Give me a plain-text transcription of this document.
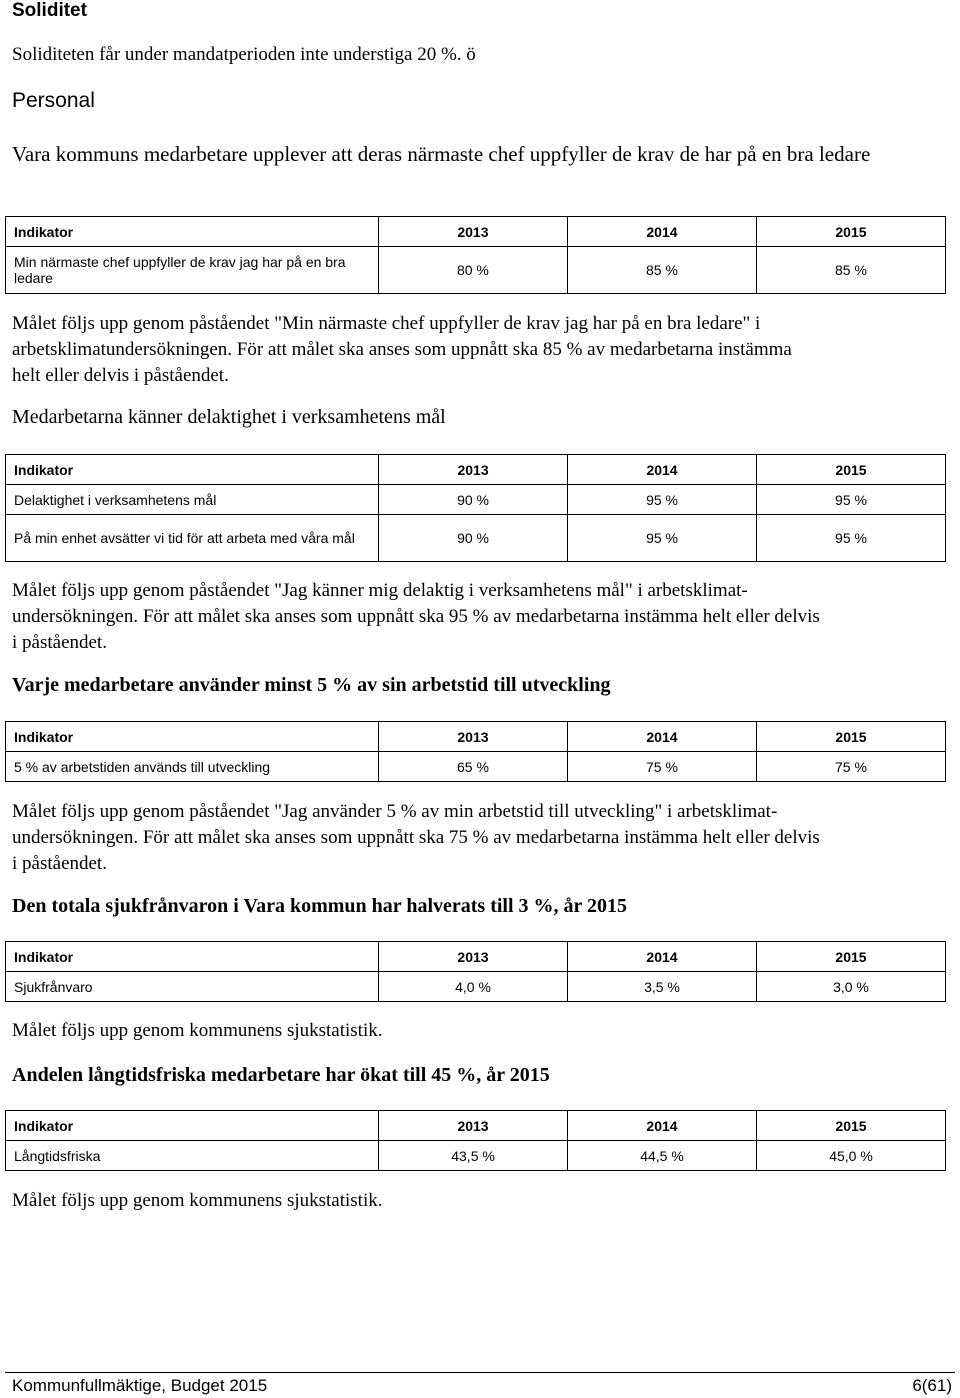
Soliditet
Soliditeten får under mandatperioden inte understiga 20 %. ö
Personal
Vara kommuns medarbetare upplever att deras närmaste chef uppfyller de krav de har på en bra ledare
Indikator	2013	2014	2015
Min närmaste chef uppfyller de krav jag har på en bra ledare	80 %	85 %	85 %
Målet följs upp genom påståendet "Min närmaste chef uppfyller de krav jag har på en bra ledare" i
arbetsklimatundersökningen. För att målet ska anses som uppnått ska 85 % av medarbetarna instämma
helt eller delvis i påståendet.
Medarbetarna känner delaktighet i verksamhetens mål
Indikator	2013	2014	2015
Delaktighet i verksamhetens mål	90 %	95 %	95 %
På min enhet avsätter vi tid för att arbeta med våra mål	90 %	95 %	95 %
Målet följs upp genom påståendet "Jag känner mig delaktig i verksamhetens mål" i arbetsklimat-
undersökningen. För att målet ska anses som uppnått ska 95 % av medarbetarna instämma helt eller delvis
i påståendet.
Varje medarbetare använder minst 5 % av sin arbetstid till utveckling
Indikator	2013	2014	2015
5 % av arbetstiden används till utveckling	65 %	75 %	75 %
Målet följs upp genom påståendet "Jag använder 5 % av min arbetstid till utveckling" i arbetsklimat-
undersökningen. För att målet ska anses som uppnått ska 75 % av medarbetarna instämma helt eller delvis
i påståendet.
Den totala sjukfrånvaron i Vara kommun har halverats till 3 %, år 2015
Indikator	2013	2014	2015
Sjukfrånvaro	4,0 %	3,5 %	3,0 %
Målet följs upp genom kommunens sjukstatistik.
Andelen långtidsfriska medarbetare har ökat till 45 %, år 2015
Indikator	2013	2014	2015
Långtidsfriska	43,5 %	44,5 %	45,0 %
Målet följs upp genom kommunens sjukstatistik.
Kommunfullmäktige, Budget 2015	6(61)
